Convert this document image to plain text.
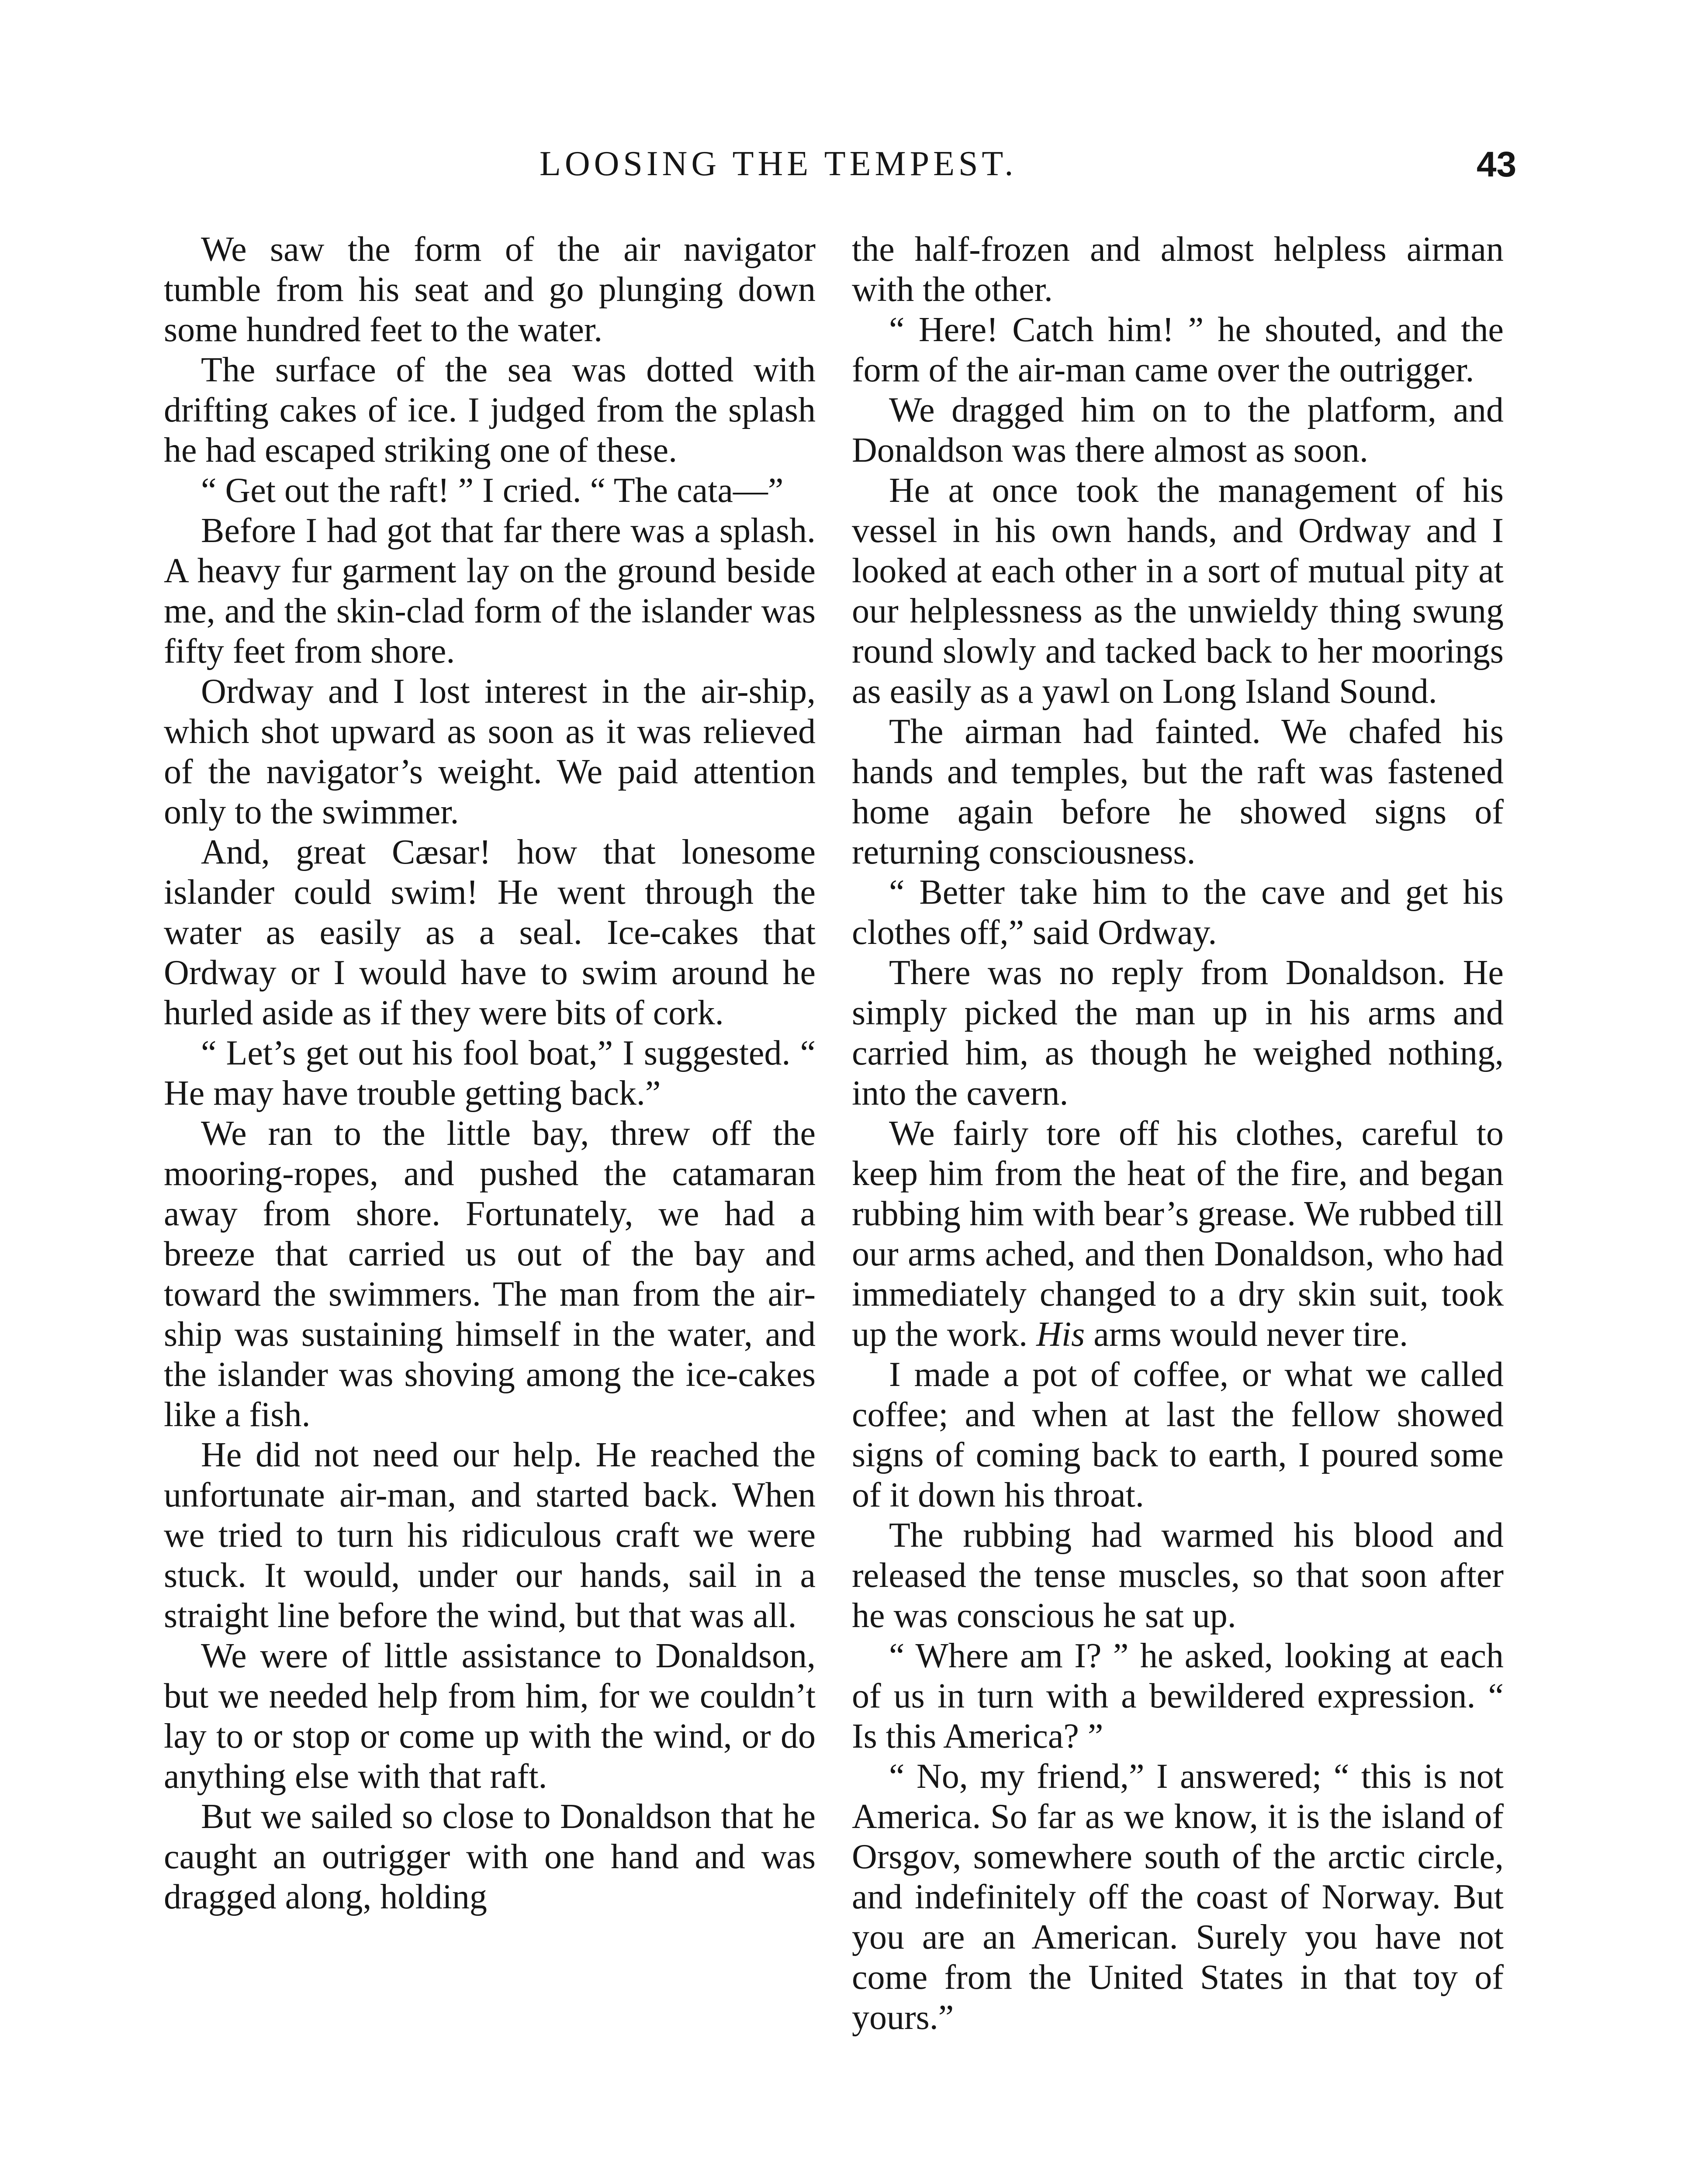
LOOSING THE TEMPEST.	43

We saw the form of the air navigator tumble from his seat and go plunging down some hundred feet to the water.

The surface of the sea was dotted with drifting cakes of ice. I judged from the splash he had escaped striking one of these.

“ Get out the raft! ” I cried. “ The cata—”

Before I had got that far there was a splash. A heavy fur garment lay on the ground beside me, and the skin-clad form of the islander was fifty feet from shore.

Ordway and I lost interest in the air-ship, which shot upward as soon as it was relieved of the navigator’s weight. We paid attention only to the swimmer.

And, great Cæsar! how that lonesome islander could swim! He went through the water as easily as a seal. Ice-cakes that Ordway or I would have to swim around he hurled aside as if they were bits of cork.

“ Let’s get out his fool boat,” I suggested. “ He may have trouble getting back.”

We ran to the little bay, threw off the mooring-ropes, and pushed the catamaran away from shore. Fortunately, we had a breeze that carried us out of the bay and toward the swimmers. The man from the air-ship was sustaining himself in the water, and the islander was shoving among the ice-cakes like a fish.

He did not need our help. He reached the unfortunate air-man, and started back. When we tried to turn his ridiculous craft we were stuck. It would, under our hands, sail in a straight line before the wind, but that was all.

We were of little assistance to Donaldson, but we needed help from him, for we couldn’t lay to or stop or come up with the wind, or do anything else with that raft.

But we sailed so close to Donaldson that he caught an outrigger with one hand and was dragged along, holding

the half-frozen and almost helpless airman with the other.

“ Here! Catch him! ” he shouted, and the form of the air-man came over the outrigger.

We dragged him on to the platform, and Donaldson was there almost as soon.

He at once took the management of his vessel in his own hands, and Ordway and I looked at each other in a sort of mutual pity at our helplessness as the unwieldy thing swung round slowly and tacked back to her moorings as easily as a yawl on Long Island Sound.

The airman had fainted. We chafed his hands and temples, but the raft was fastened home again before he showed signs of returning consciousness.

“ Better take him to the cave and get his clothes off,” said Ordway.

There was no reply from Donaldson. He simply picked the man up in his arms and carried him, as though he weighed nothing, into the cavern.

We fairly tore off his clothes, careful to keep him from the heat of the fire, and began rubbing him with bear’s grease. We rubbed till our arms ached, and then Donaldson, who had immediately changed to a dry skin suit, took up the work. His arms would never tire.

I made a pot of coffee, or what we called coffee; and when at last the fellow showed signs of coming back to earth, I poured some of it down his throat.

The rubbing had warmed his blood and released the tense muscles, so that soon after he was conscious he sat up.

“ Where am I? ” he asked, looking at each of us in turn with a bewildered expression. “ Is this America? ”

“ No, my friend,” I answered; “ this is not America. So far as we know, it is the island of Orsgov, somewhere south of the arctic circle, and indefinitely off the coast of Norway. But you are an American. Surely you have not come from the United States in that toy of yours.”
